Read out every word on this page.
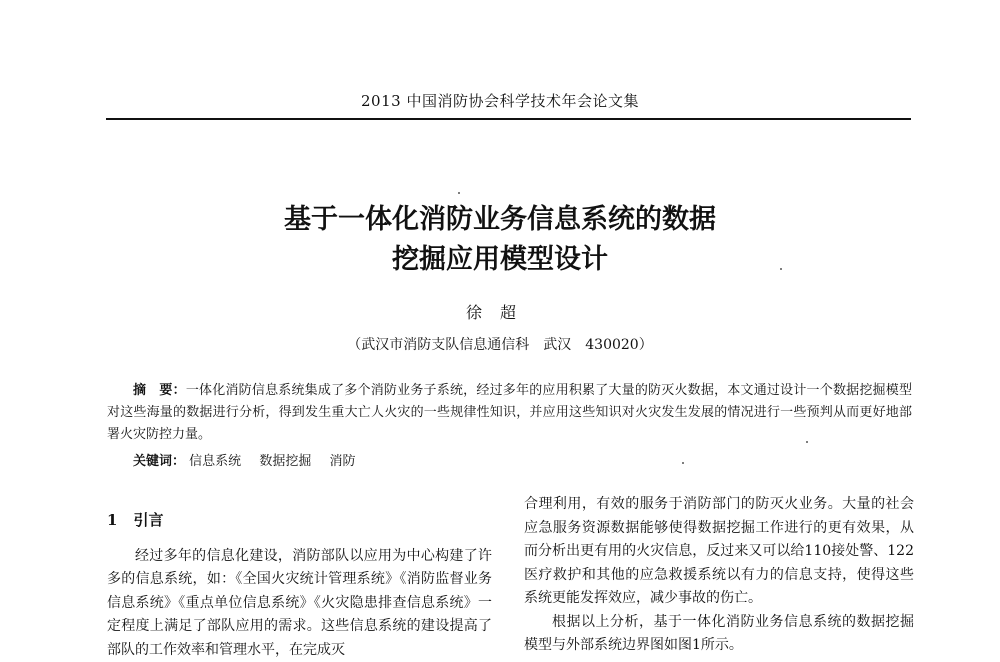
2013 中国消防协会科学技术年会论文集
基于一体化消防业务信息系统的数据
挖掘应用模型设计
徐超
（武汉市消防支队信息通信科　武汉　430020）
摘　要：一体化消防信息系统集成了多个消防业务子系统，经过多年的应用积累了大量的防灭火数据，本文通过设计一个数据挖掘模型对这些海量的数据进行分析，得到发生重大亡人火灾的一些规律性知识，并应用这些知识对火灾发生发展的情况进行一些预判从而更好地部署火灾防控力量。
关键词： 信息系统 数据挖掘 消防
1 引言

经过多年的信息化建设，消防部队以应用为中心构建了许多的信息系统，如：《全国火灾统计管理系统》《消防监督业务信息系统》《重点单位信息系统》《火灾隐患排查信息系统》一定程度上满足了部队应用的需求。这些信息系统的建设提高了部队的工作效率和管理水平，在完成灭

合理利用，有效的服务于消防部门的防灭火业务。大量的社会应急服务资源数据能够使得数据挖掘工作进行的更有效果，从而分析出更有用的火灾信息，反过来又可以给110接处警、122医疗救护和其他的应急救援系统以有力的信息支持，使得这些系统更能发挥效应，减少事故的伤亡。

根据以上分析，基于一体化消防业务信息系统的数据挖掘模型与外部系统边界图如图1所示。
